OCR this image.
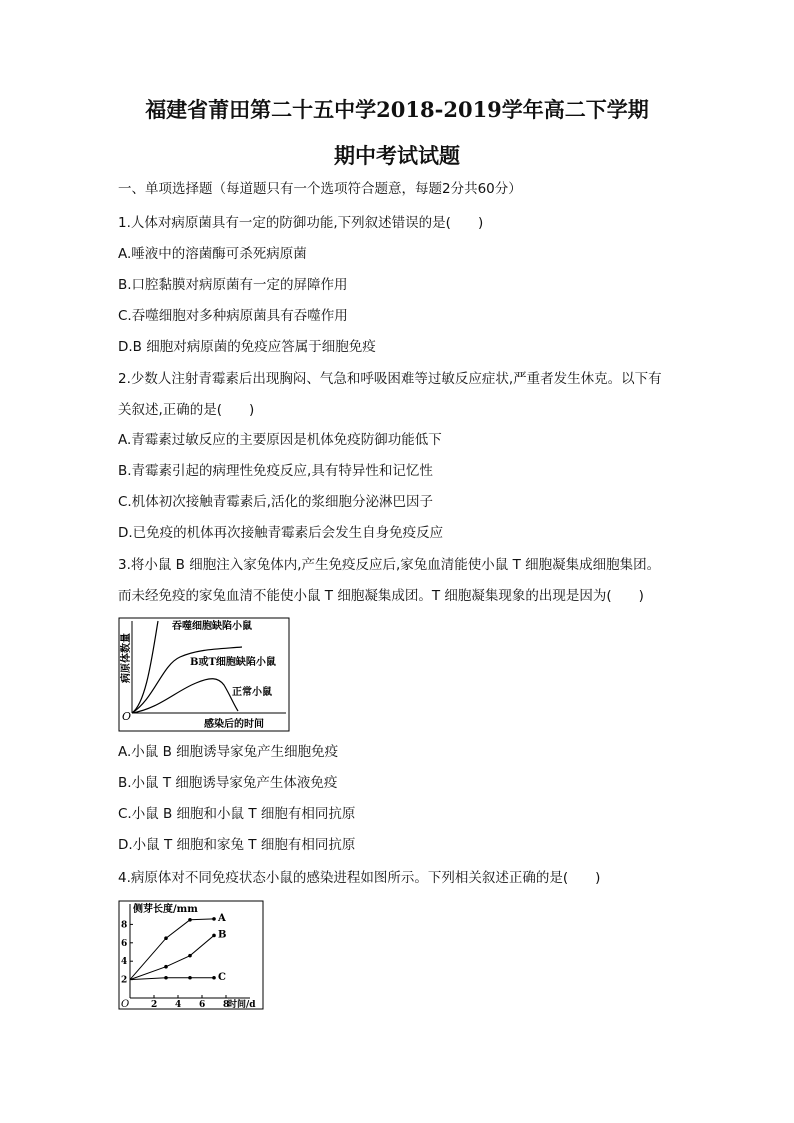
福建省莆田第二十五中学2018-2019学年高二下学期
期中考试试题
一、单项选择题（每道题只有一个选项符合题意，每题2分共60分）
1.人体对病原菌具有一定的防御功能,下列叙述错误的是(　　)
A.唾液中的溶菌酶可杀死病原菌
B.口腔黏膜对病原菌有一定的屏障作用
C.吞噬细胞对多种病原菌具有吞噬作用
D.B 细胞对病原菌的免疫应答属于细胞免疫
2.少数人注射青霉素后出现胸闷、气急和呼吸困难等过敏反应症状,严重者发生休克。以下有
关叙述,正确的是(　　)
A.青霉素过敏反应的主要原因是机体免疫防御功能低下
B.青霉素引起的病理性免疫反应,具有特异性和记忆性
C.机体初次接触青霉素后,活化的浆细胞分泌淋巴因子
D.已免疫的机体再次接触青霉素后会发生自身免疫反应
3.将小鼠 B 细胞注入家兔体内,产生免疫反应后,家兔血清能使小鼠 T 细胞凝集成细胞集团。
而未经免疫的家兔血清不能使小鼠 T 细胞凝集成团。T 细胞凝集现象的出现是因为(　　)
病原体数量
O
感染后的时间
吞噬细胞缺陷小鼠
B或T细胞缺陷小鼠
正常小鼠
A.小鼠 B 细胞诱导家兔产生细胞免疫
B.小鼠 T 细胞诱导家兔产生体液免疫
C.小鼠 B 细胞和小鼠 T 细胞有相同抗原
D.小鼠 T 细胞和家兔 T 细胞有相同抗原
4.病原体对不同免疫状态小鼠的感染进程如图所示。下列相关叙述正确的是(　　)
侧芽长度/mm
时间/d
O 2 4 6 8
2
4
6
8
A
B
C
